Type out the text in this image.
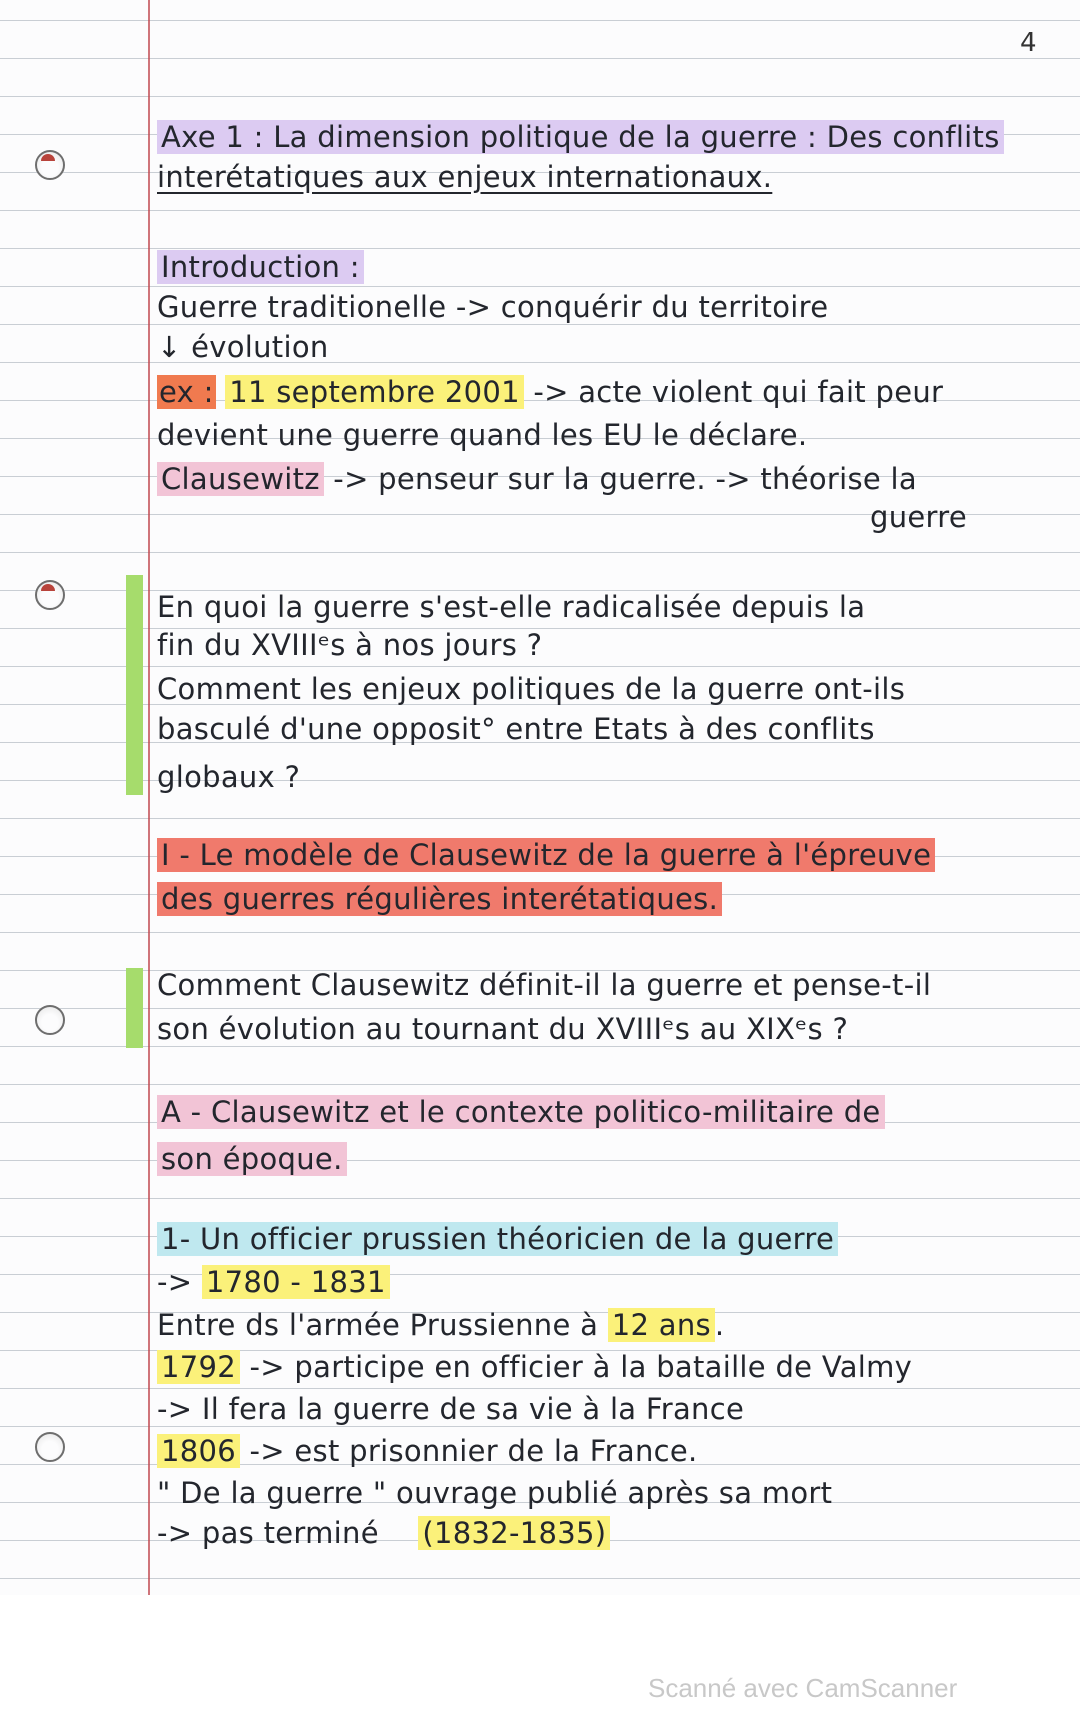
4
Axe 1 : La dimension politique de la guerre : Des conflits
interétatiques aux enjeux internationaux.
Introduction :
Guerre traditionelle -> conquérir du territoire
↓ évolution
ex : 11 septembre 2001 -> acte violent qui fait peur
devient une guerre quand les EU le déclare.
Clausewitz -> penseur sur la guerre. -> théorise la
guerre
En quoi la guerre s'est-elle radicalisée depuis la
fin du XVIIIᵉs à nos jours ?
Comment les enjeux politiques de la guerre ont-ils
basculé d'une opposit° entre Etats à des conflits
globaux ?
I - Le modèle de Clausewitz de la guerre à l'épreuve
des guerres régulières interétatiques.
Comment Clausewitz définit-il la guerre et pense-t-il
son évolution au tournant du XVIIIᵉs au XIXᵉs ?
A - Clausewitz et le contexte politico-militaire de
son époque.
1- Un officier prussien théoricien de la guerre
-> 1780 - 1831
Entre ds l'armée Prussienne à 12 ans .
1792 -> participe en officier à la bataille de Valmy
-> Il fera la guerre de sa vie à la France
1806 -> est prisonnier de la France.
" De la guerre " ouvrage publié après sa mort
-> pas terminé (1832-1835)
Scanné avec CamScanner
